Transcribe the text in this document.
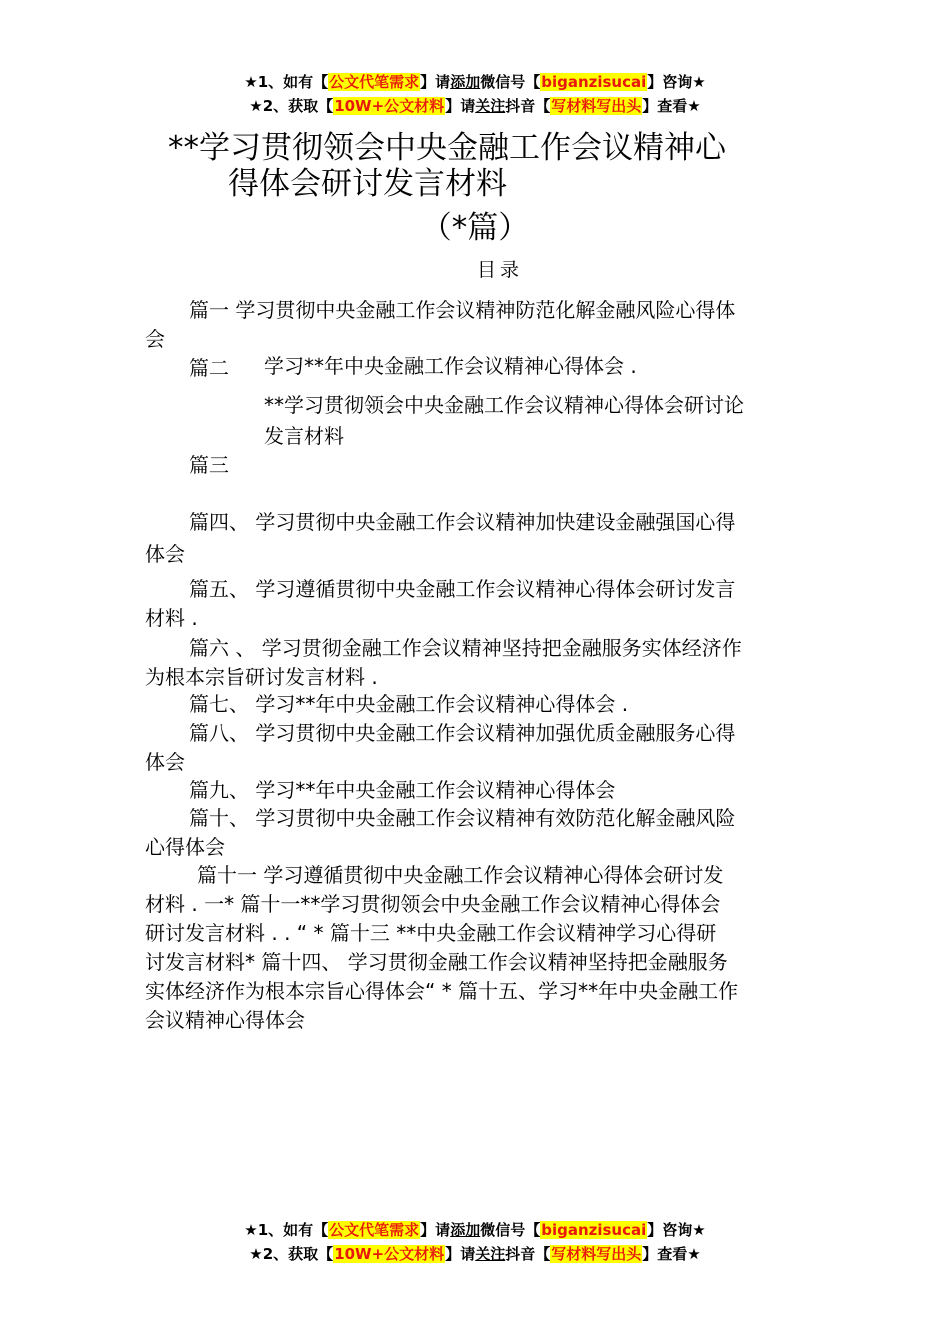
★1、如有【公文代笔需求】请添加微信号【biganzisucai】咨询★
★2、获取【10W+公文材料】请关注抖音【写材料写出头】查看★
**学习贯彻领会中央金融工作会议精神心
得体会研讨发言材料
（*篇）
目录
篇一 学习贯彻中央金融工作会议精神防范化解金融风险心得体
会
篇二	学习**年中央金融工作会议精神心得体会 .
**学习贯彻领会中央金融工作会议精神心得体会研讨论
发言材料
篇三
篇四、 学习贯彻中央金融工作会议精神加快建设金融强国心得
体会
篇五、 学习遵循贯彻中央金融工作会议精神心得体会研讨发言
材料 .
篇六 、 学习贯彻金融工作会议精神坚持把金融服务实体经济作
为根本宗旨研讨发言材料 .
篇七、 学习**年中央金融工作会议精神心得体会 .
篇八、 学习贯彻中央金融工作会议精神加强优质金融服务心得
体会
篇九、 学习**年中央金融工作会议精神心得体会
篇十、 学习贯彻中央金融工作会议精神有效防范化解金融风险
心得体会
篇十一 学习遵循贯彻中央金融工作会议精神心得体会研讨发
材料 . 一* 篇十一**学习贯彻领会中央金融工作会议精神心得体会
研讨发言材料 . . “ * 篇十三 **中央金融工作会议精神学习心得研
讨发言材料* 篇十四、 学习贯彻金融工作会议精神坚持把金融服务
实体经济作为根本宗旨心得体会“ * 篇十五、学习**年中央金融工作
会议精神心得体会
★1、如有【公文代笔需求】请添加微信号【biganzisucai】咨询★
★2、获取【10W+公文材料】请关注抖音【写材料写出头】查看★
